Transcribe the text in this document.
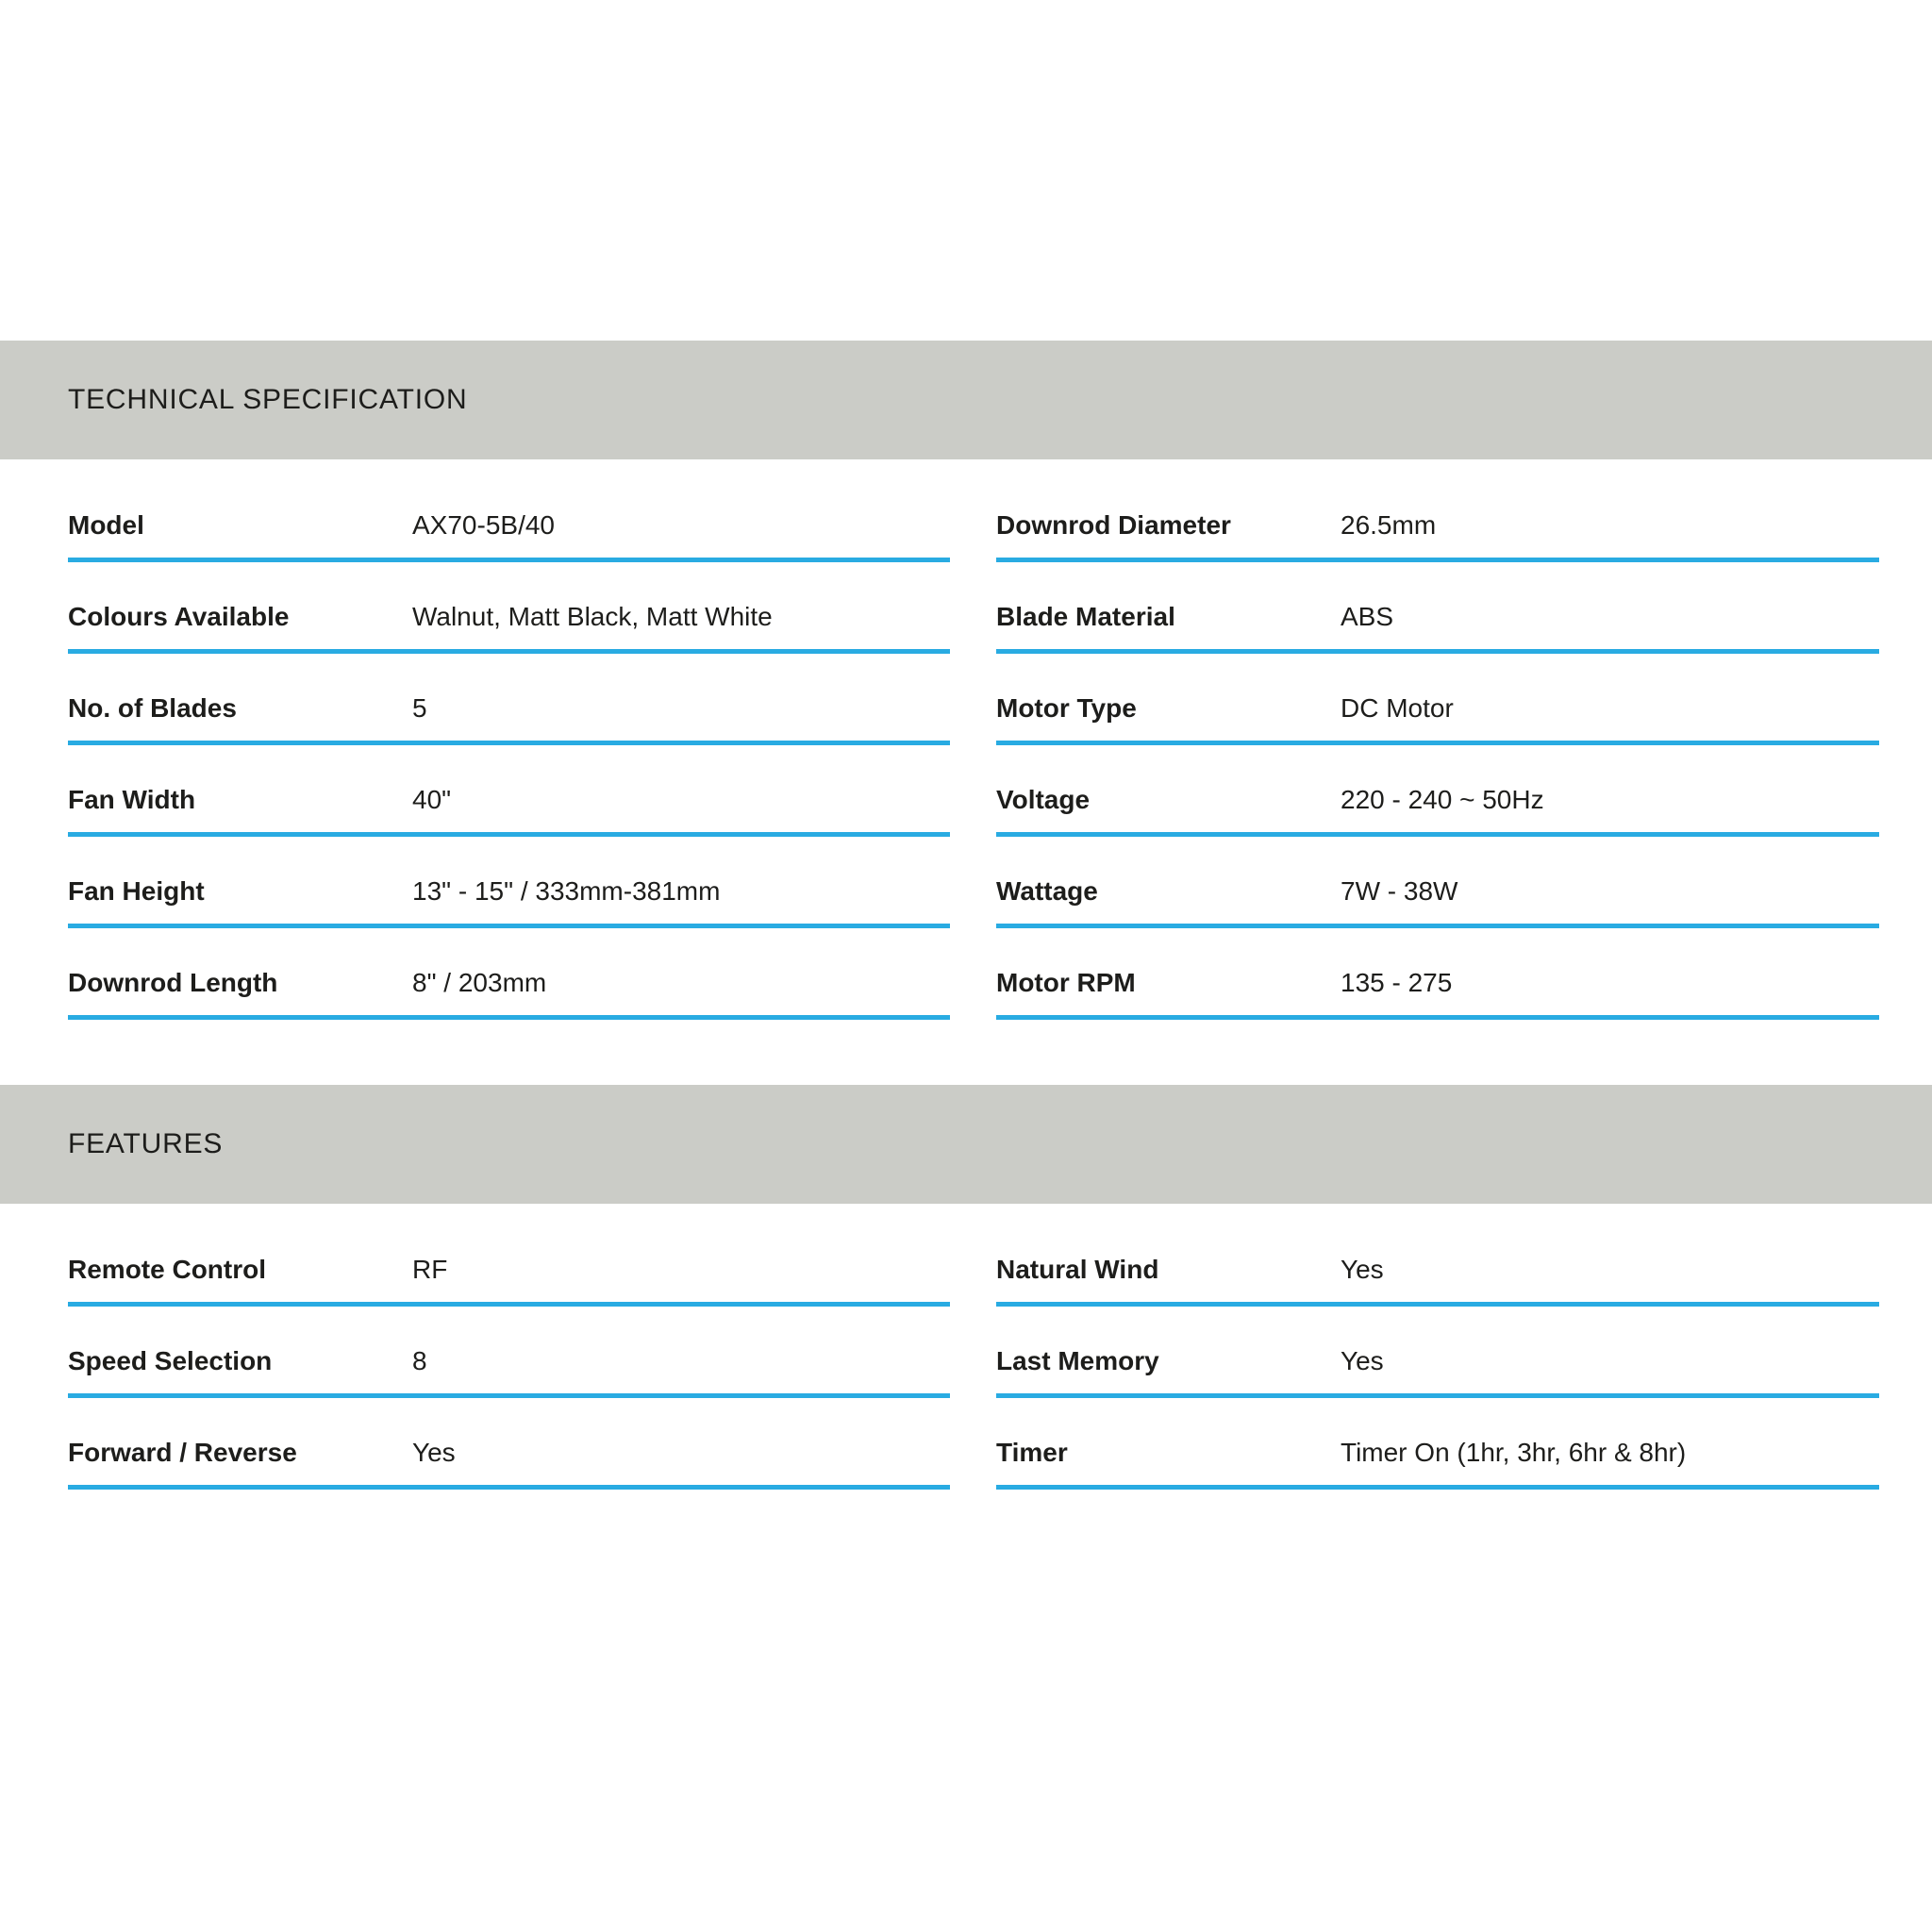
TECHNICAL SPECIFICATION
Model	AX70-5B/40
Colours Available	Walnut, Matt Black, Matt White
No. of Blades	5
Fan Width	40"
Fan Height	13" - 15" / 333mm-381mm
Downrod Length	8" / 203mm
Downrod Diameter	26.5mm
Blade Material	ABS
Motor Type	DC Motor
Voltage	220 - 240 ~ 50Hz
Wattage	7W - 38W
Motor RPM	135 - 275
FEATURES
Remote Control	RF
Speed Selection	8
Forward / Reverse	Yes
Natural Wind	Yes
Last Memory	Yes
Timer	Timer On (1hr, 3hr, 6hr & 8hr)
